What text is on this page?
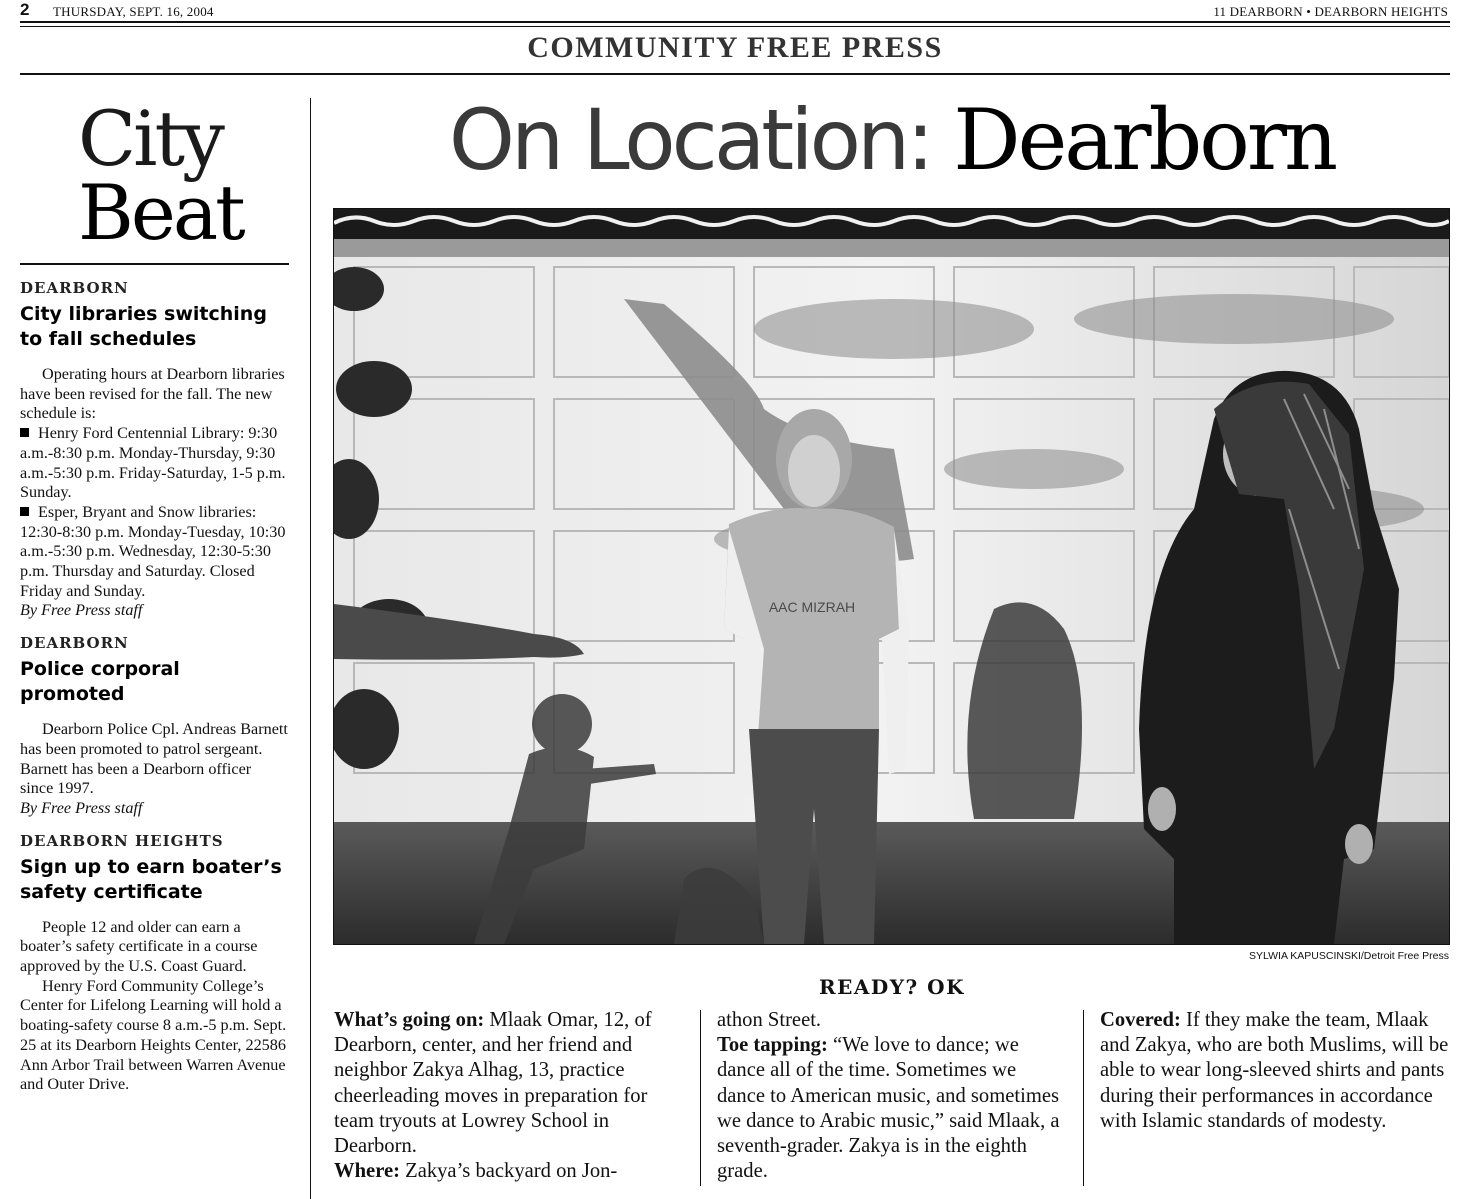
2 THURSDAY, SEPT. 16, 2004	11 DEARBORN • DEARBORN HEIGHTS
COMMUNITY FREE PRESS
City
Beat
DEARBORN
City libraries switching to fall schedules

Operating hours at Dearborn libraries have been revised for the fall. The new schedule is:

Henry Ford Centennial Library: 9:30 a.m.-8:30 p.m. Monday-Thursday, 9:30 a.m.-5:30 p.m. Friday-Saturday, 1-5 p.m. Sunday.
Esper, Bryant and Snow libraries: 12:30-8:30 p.m. Monday-Tuesday, 10:30 a.m.-5:30 p.m. Wednesday, 12:30-5:30 p.m. Thursday and Saturday. Closed Friday and Sunday.
By Free Press staff
DEARBORN
Police corporal promoted

Dearborn Police Cpl. Andreas Barnett has been promoted to patrol sergeant. Barnett has been a Dearborn officer since 1997.

By Free Press staff
DEARBORN HEIGHTS
Sign up to earn boater’s safety certificate

People 12 and older can earn a boater’s safety certificate in a course approved by the U.S. Coast Guard.

Henry Ford Community College’s Center for Lifelong Learning will hold a boating-safety course 8 a.m.-5 p.m. Sept. 25 at its Dearborn Heights Center, 22586 Ann Arbor Trail between Warren Avenue and Outer Drive.

On Location: Dearborn
AAC MIZRAH
SYLWIA KAPUSCINSKI/Detroit Free Press
READY? OK
What’s going on: Mlaak Omar, 12, of Dearborn, center, and her friend and neighbor Zakya Alhag, 13, practice cheerleading moves in preparation for team tryouts at Lowrey School in Dearborn.
Where: Zakya’s backyard on Jon-
athon Street.
Toe tapping: “We love to dance; we dance all of the time. Sometimes we dance to American music, and sometimes we dance to Arabic music,” said Mlaak, a seventh-grader. Zakya is in the eighth grade.
Covered: If they make the team, Mlaak and Zakya, who are both Muslims, will be able to wear long-sleeved shirts and pants during their performances in accordance with Islamic standards of modesty.
